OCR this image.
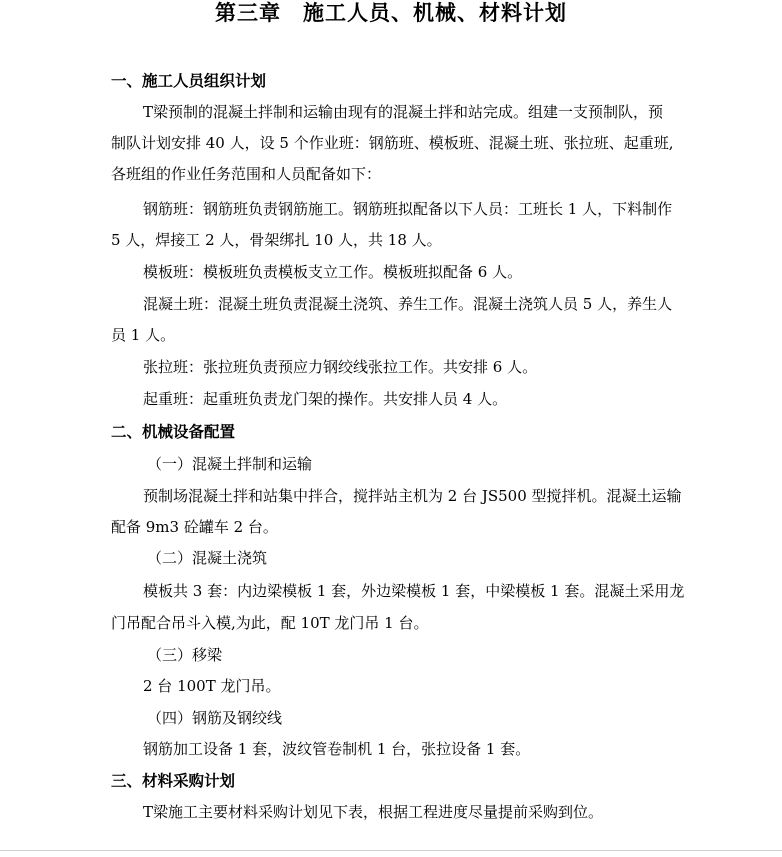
第三章　施工人员、机械、材料计划
一、施工人员组织计划
T梁预制的混凝土拌制和运输由现有的混凝土拌和站完成。组建一支预制队，预
制队计划安排 40 人，设 5 个作业班：钢筋班、模板班、混凝土班、张拉班、起重班,
各班组的作业任务范围和人员配备如下：
钢筋班：钢筋班负责钢筋施工。钢筋班拟配备以下人员：工班长 1 人，下料制作
5 人，焊接工 2 人，骨架绑扎 10 人，共 18 人。
模板班：模板班负责模板支立工作。模板班拟配备 6 人。
混凝土班：混凝土班负责混凝土浇筑、养生工作。混凝土浇筑人员 5 人，养生人
员 1 人。
张拉班：张拉班负责预应力钢绞线张拉工作。共安排 6 人。
起重班：起重班负责龙门架的操作。共安排人员 4 人。
二、机械设备配置
（一）混凝土拌制和运输
预制场混凝土拌和站集中拌合，搅拌站主机为 2 台 JS500 型搅拌机。混凝土运输
配备 9m3 砼罐车 2 台。
（二）混凝土浇筑
模板共 3 套：内边梁模板 1 套，外边梁模板 1 套，中梁模板 1 套。混凝土采用龙
门吊配合吊斗入模,为此，配 10T 龙门吊 1 台。
（三）移梁
2 台 100T 龙门吊。
（四）钢筋及钢绞线
钢筋加工设备 1 套，波纹管卷制机 1 台，张拉设备 1 套。
三、材料采购计划
T梁施工主要材料采购计划见下表，根据工程进度尽量提前采购到位。
